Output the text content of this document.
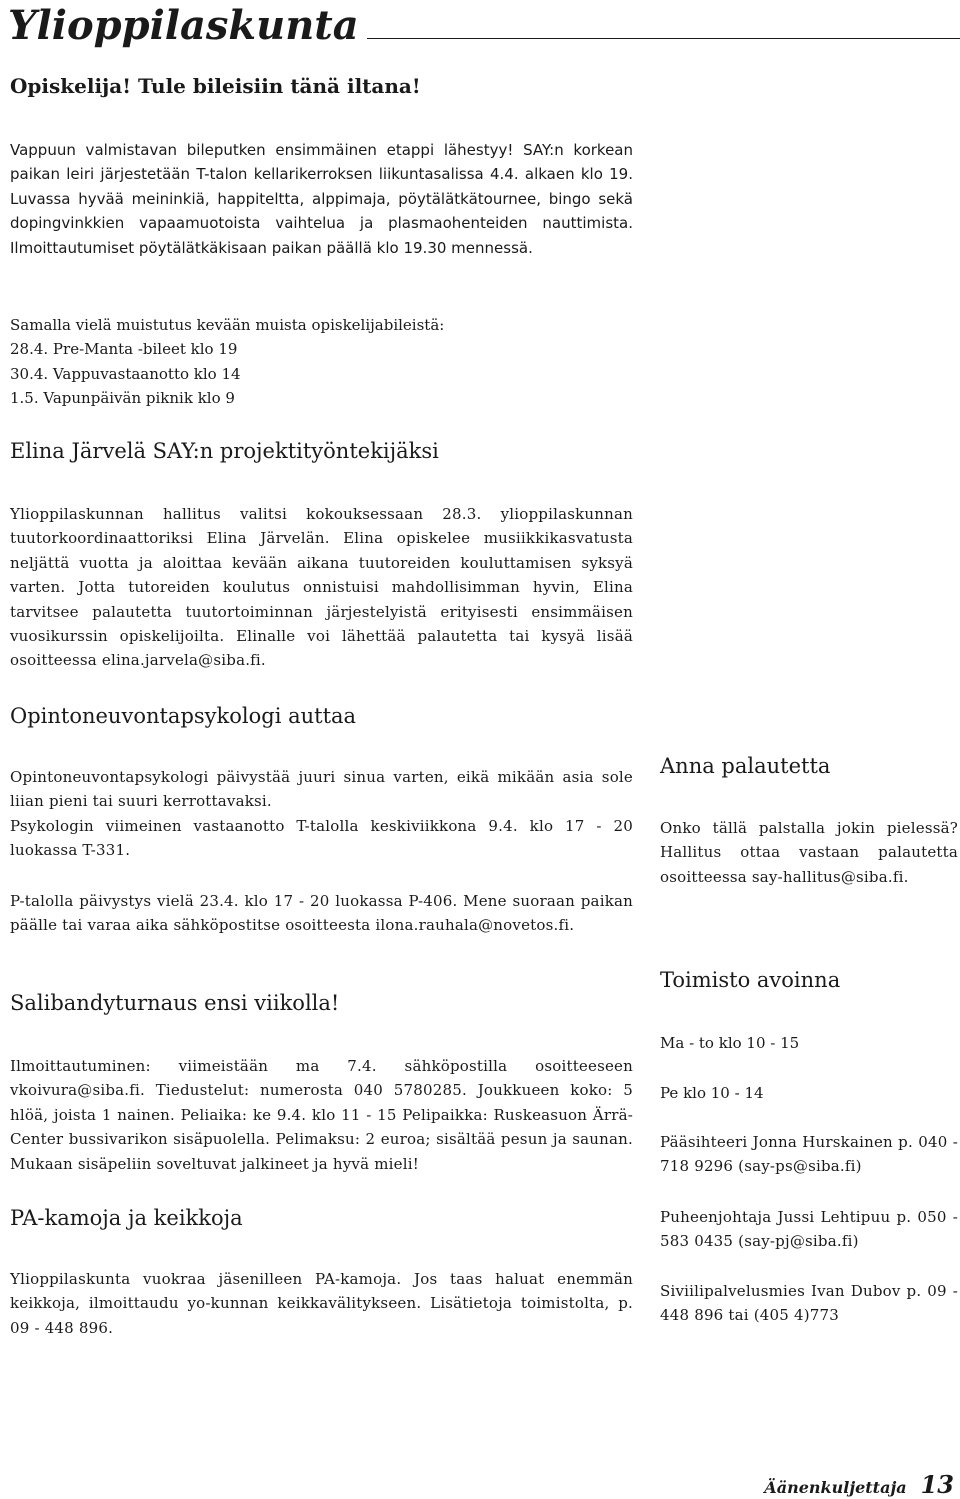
Ylioppilaskunta
Opiskelija! Tule bileisiin tänä iltana!

Vappuun valmistavan bileputken ensimmäinen etappi lähestyy! SAY:n korkean paikan leiri järjestetään T-talon kellarikerroksen liikuntasalissa 4.4. alkaen klo 19. Luvassa hyvää meininkiä, happiteltta, alppimaja, pöytälätkätournee, bingo sekä dopingvinkkien vapaamuotoista vaihtelua ja plasmaohenteiden nauttimista. Ilmoittautumiset pöytälätkäkisaan paikan päällä klo 19.30 mennessä.

Samalla vielä muistutus kevään muista opiskelijabileistä:
28.4. Pre-Manta -bileet klo 19
30.4. Vappuvastaanotto klo 14
1.5. Vapunpäivän piknik klo 9
Elina Järvelä SAY:n projektityöntekijäksi

Ylioppilaskunnan hallitus valitsi kokouksessaan 28.3. ylioppilaskunnan tuutorkoordinaattoriksi Elina Järvelän. Elina opiskelee musiikkikasvatusta neljättä vuotta ja aloittaa kevään aikana tuutoreiden kouluttamisen syksyä varten. Jotta tutoreiden koulutus onnistuisi mahdollisimman hyvin, Elina tarvitsee palautetta tuutortoiminnan järjestelyistä erityisesti ensimmäisen vuosikurssin opiskelijoilta. Elinalle voi lähettää palautetta tai kysyä lisää osoitteessa elina.jarvela@siba.fi.

Opintoneuvontapsykologi auttaa

Opintoneuvontapsykologi päivystää juuri sinua varten, eikä mikään asia sole liian pieni tai suuri kerrottavaksi.

Psykologin viimeinen vastaanotto T-talolla keskiviikkona 9.4. klo 17 - 20 luokassa T-331.

P-talolla päivystys vielä 23.4. klo 17 - 20 luokassa P-406. Mene suoraan paikan päälle tai varaa aika sähköpostitse osoitteesta ilona.rauhala@novetos.fi.

Salibandyturnaus ensi viikolla!

Ilmoittautuminen: viimeistään ma 7.4. sähköpostilla osoitteeseen vkoivura@siba.fi. Tiedustelut: numerosta 040 5780285. Joukkueen koko: 5 hlöä, joista 1 nainen. Peliaika: ke 9.4. klo 11 - 15 Pelipaikka: Ruskeasuon Ärrä-Center bussivarikon sisäpuolella. Pelimaksu: 2 euroa; sisältää pesun ja saunan. Mukaan sisäpeliin soveltuvat jalkineet ja hyvä mieli!

PA-kamoja ja keikkoja

Ylioppilaskunta vuokraa jäsenilleen PA-kamoja. Jos taas haluat enemmän keikkoja, ilmoittaudu yo-kunnan keikkavälitykseen. Lisätietoja toimistolta, p. 09 - 448 896.

Anna palautetta

Onko tällä palstalla jokin pielessä? Hallitus ottaa vastaan palautetta osoitteessa say-hallitus@siba.fi.

Toimisto avoinna
Ma - to klo 10 - 15
Pe klo 10 - 14

Pääsihteeri Jonna Hurskainen p. 040 - 718 9296 (say-ps@siba.fi)

Puheenjohtaja Jussi Lehtipuu p. 050 - 583 0435 (say-pj@siba.fi)

Siviilipalvelusmies Ivan Dubov p. 09 - 448 896 tai (405 4)773

Äänenkuljettaja 13
